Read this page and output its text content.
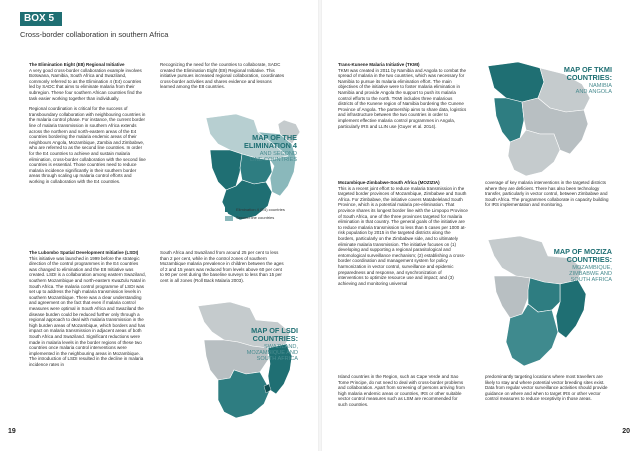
BOX 5
Cross-border collaboration in southern Africa
The Elimination Eight (E8) Regional Initiative
A very good cross-border collaboration example involves Botswana, Namibia, South Africa and Swaziland, commonly referred to as the Elimination 4 (E4) countries led by SADC that aims to eliminate malaria from their subregion. These four southern African countries find the task easier working together than individually.
Regional coordination is critical for the success of transboundary collaboration with neighbouring countries in the malaria control phase. For instance, the current border line of malaria transmission in southern Africa extends across the northern and north-eastern areas of the E4 countries bordering the malaria endemic areas of their neighbours Angola, Mozambique, Zambia and Zimbabwe, who are referred to as the second line countries. In order for the E4 countries to achieve and sustain malaria elimination, cross-border collaboration with the second line countries is essential. Those countries need to reduce malaria incidence significantly in their southern border areas through scaling up malaria control efforts and working in collaboration with the E4 countries.
Recognizing the need for the countries to collaborate, SADC created the Elimination Eight (E8) Regional Initiative. This initiative pursues increased regional collaboration, coordinates cross-border activities and shares evidence and lessons learned among the E8 countries.
MAP OF THE
ELIMINATION 4
AND SECOND
LINE COUNTRIES
Elimination 4 (E4) countries
Second line countries
The Lubombo Spatial Development Initiative (LSDI)
This initiative was launched in 1999 before the strategic direction of the control programmes in the E4 countries was changed to elimination and the E8 Initiative was created. LSDI is a collaboration among eastern Swaziland, southern Mozambique and north-eastern KwaZulu Natal in South Africa. The malaria control programme of LSDI was set up to address the high malaria transmission levels in southern Mozambique. There was a clear understanding and agreement on the fact that even if malaria control measures were optimal in South Africa and Swaziland the disease burden could be reduced further only through a regional approach to deal with malaria transmission in the high burden areas of Mozambique, which borders and has impact on malaria transmission in adjacent areas of both South Africa and Swaziland. Significant reductions were made in malaria levels in the border regions of these two countries once malaria control interventions were implemented in the neighbouring areas in Mozambique. The introduction of LSDI resulted in the decline in malaria incidence rates in
South Africa and Swaziland from around 25 per cent to less than 2 per cent, while in the control zones of southern Mozambique malaria prevalence in children between the ages of 2 and 15 years was reduced from levels above 60 per cent to 90 per cent during the baseline surveys to less than 15 per cent in all zones (Roll Back Malaria 2003).
MAP OF LSDI
COUNTRIES:
SWAZILAND,
MOZAMBIQUE AND
SOUTH AFRICA
Trans-Kunene Malaria Initiative (TKMI)
TKMI was created in 2011 by Namibia and Angola to combat the spread of malaria in the two countries, which was necessary for Namibia to pursue its malaria elimination effort. The main objectives of the initiative were to foster malaria elimination in Namibia and provide Angola the support to push its malaria control efforts to the north. TKMI includes three malarious districts of the Kunene region of Namibia bordering the Cunene Province of Angola. The partnership aims to share data, logistics and infrastructure between the two countries in order to implement effective malaria control programmes in Angola, particularly IRS and LLIN use (Guyer et al. 2014).
MAP OF TKMI
COUNTRIES:
NAMIBIA
AND ANGOLA
Mozambique-Zimbabwe-South Africa (MOZIZIA)
This is a recent joint effort to reduce malaria transmission in the targeted border provinces of Mozambique, Zimbabwe and South Africa. For Zimbabwe, the initiative covers Matabeleland South Province, which is a potential malaria pre-elimination. That province shares its longest border line with the Limpopo Province of South Africa, one of the three provinces targeted for malaria elimination in that country. The general goals of the initiative are to reduce malaria transmission to less than 5 cases per 1000 at-risk population by 2015 in the targeted districts along the borders, particularly on the Zimbabwe side, and to ultimately eliminate malaria transmission. The initiative focuses on (1) developing and supporting a regional parasitological and entomological surveillance mechanism; (2) establishing a cross-border coordination and management system for policy harmonization in vector control, surveillance and epidemic preparedness and response, and synchronization of interventions to optimize resource use and impact; and (3) achieving and monitoring universal
coverage of key malaria interventions in the targeted districts where they are deficient. There has also been technology transfer, particularly in vector control, between Zimbabwe and South Africa. The programmes collaborate in capacity building for IRS implementation and monitoring.
MAP OF MOZIZA
COUNTRIES:
MOZAMBIQUE,
ZIMBABWE AND
SOUTH AFRICA
Island countries in the Region, such as Cape Verde and Sao Tome Principe, do not need to deal with cross-border problems and collaboration. Apart from screening of persons arriving from high malaria endemic areas or countries, IRS or other suitable vector control measures such as LSM are recommended for such countries.
predominantly targeting locations where most travellers are likely to stay and where potential vector breeding sites exist. Data from regular vector surveillance activities should provide guidance on where and when to target IRS or other vector control measures to reduce receptivity in those areas.
19	20
